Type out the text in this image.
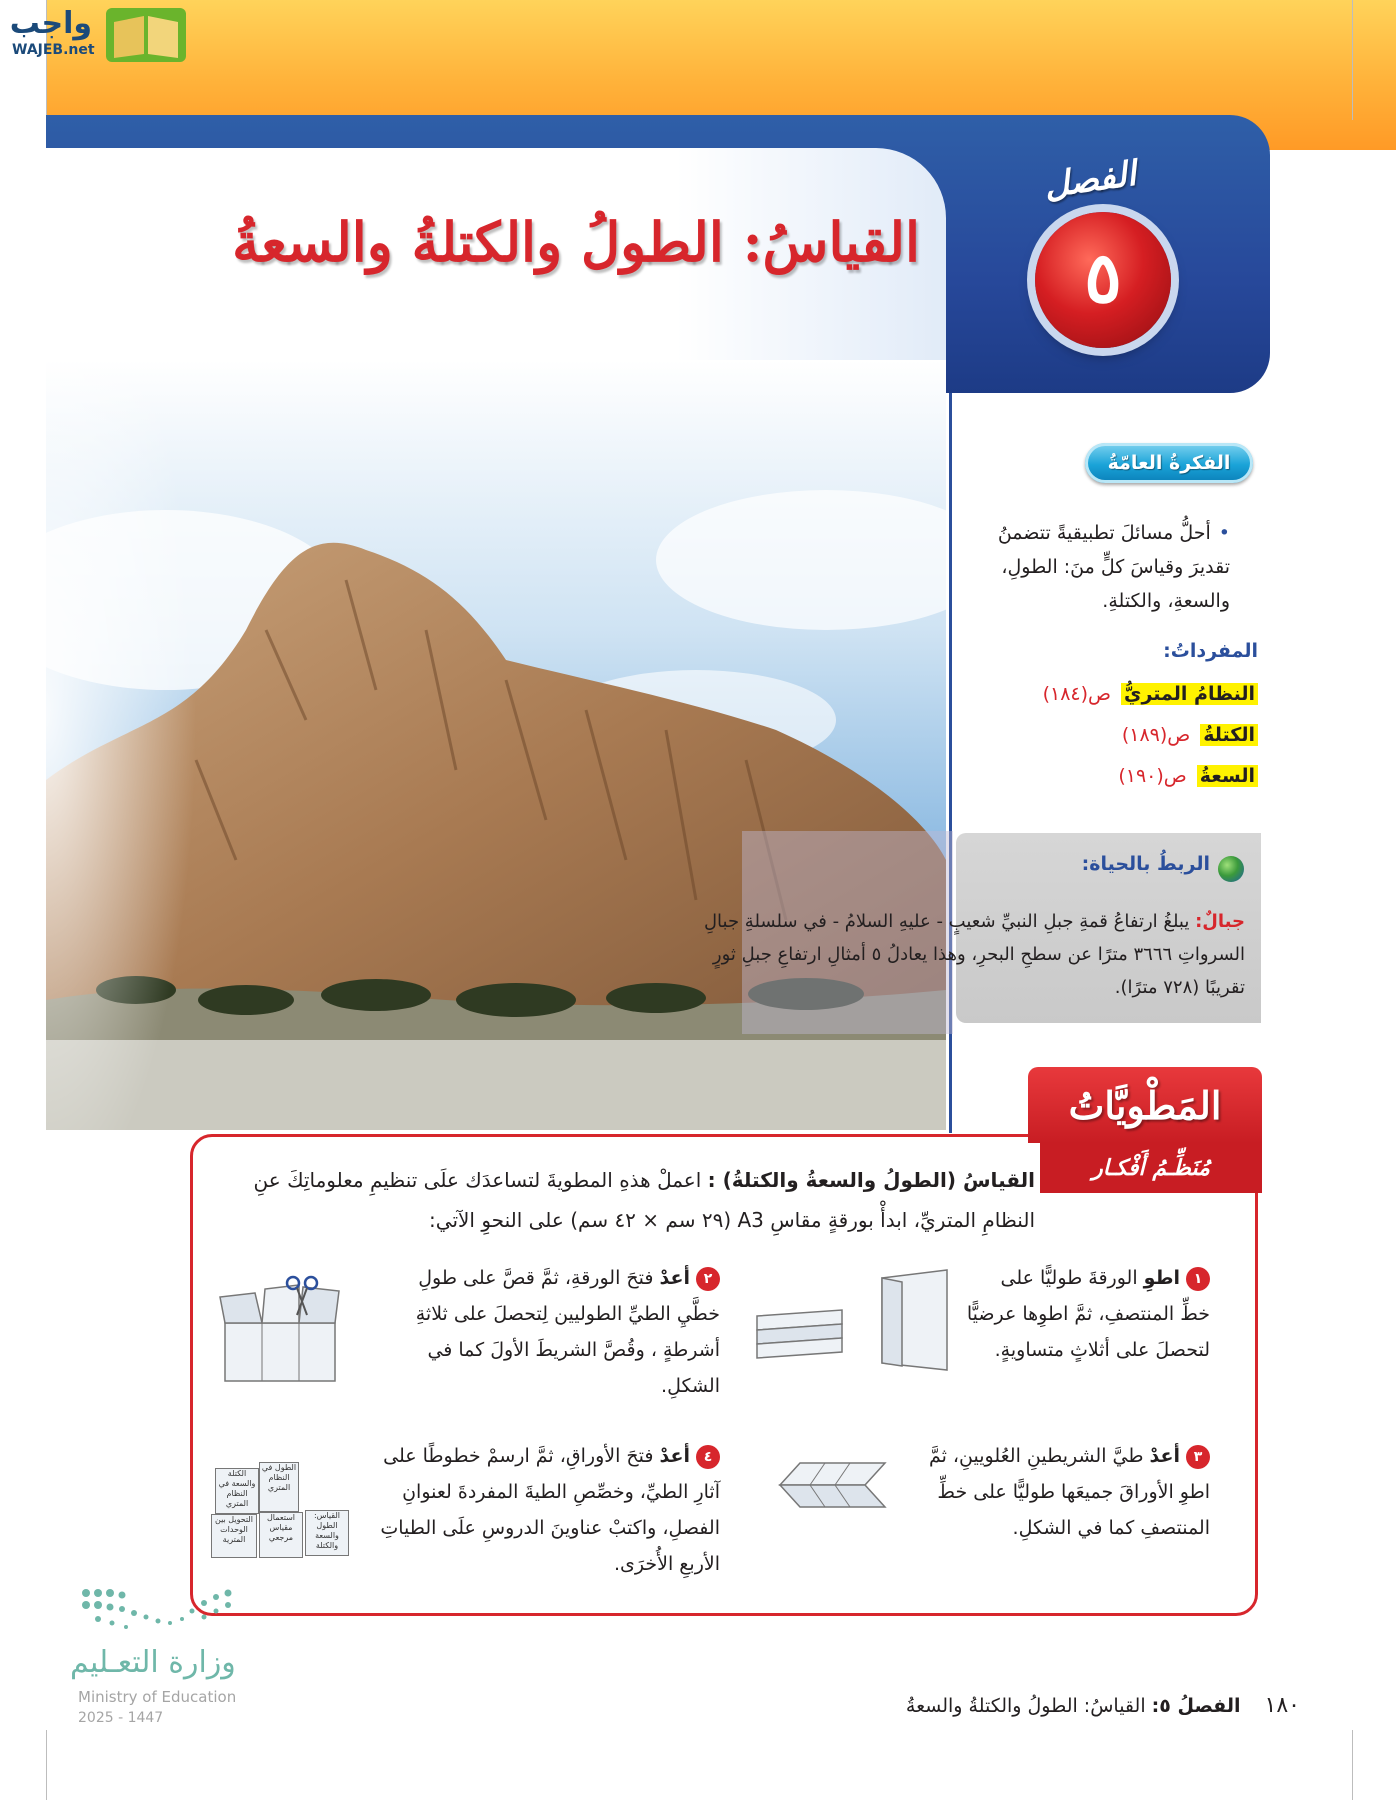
واجب
WAJEB.net
القياسُ: الطولُ والكتلةُ والسعةُ
الفصل
٥
الفكرةُ العامّةُ
•أحلُّ مسائلَ تطبيقيةً تتضمنُ تقديرَ وقياسَ كلٍّ منَ: الطولِ، والسعةِ، والكتلةِ.
المفرداتُ:
النظامُ المتريُّ
ص(١٨٤)
الكتلةُ
ص(١٨٩)
السعةُ
ص(١٩٠)
الربطُ بالحياة:
جبالٌ: يبلغُ ارتفاعُ قمةِ جبلِ النبيِّ شعيبٍ - عليهِ السلامُ - في سلسلةِ جبالِ السرواتِ ٣٦٦٦ مترًا عن سطحِ البحرِ، وهذا يعادلُ ٥ أمثالِ ارتفاعِ جبلِ ثورٍ تقريبًا (٧٢٨ مترًا).
المَطْويَّاتُ
مُنَظِّـمُ أَفْكـار
القياسُ (الطولُ والسعةُ والكتلةُ) : اعملْ هذهِ المطويةَ لتساعدَك علَى تنظيمِ معلوماتِكَ عنِ النظامِ المتريِّ، ابدأْ بورقةٍ مقاسِ A3 (٢٩ سم × ٤٢ سم) على النحوِ الآتي:
١اطوِ الورقةَ طوليًّا على خطِّ المنتصفِ، ثمَّ اطوِها عرضيًّا لتحصلَ على أثلاثٍ متساويةٍ.
٢أعدْ فتحَ الورقةِ، ثمَّ قصَّ على طولِ خطَّيِ الطيِّ الطوليين لِتحصلَ على ثلاثةِ أشرطةٍ ، وقُصَّ الشريطَ الأولَ كما في الشكلِ.
٣أعدْ طيَّ الشريطينِ العُلويينِ، ثمَّ اطوِ الأوراقَ جميعَها طوليًّا على خطِّ المنتصفِ كما في الشكلِ.
٤أعدْ فتحَ الأوراقِ، ثمَّ ارسمْ خطوطًا على آثارِ الطيِّ، وخصِّصِ الطيةَ المفردةَ لعنوانِ الفصلِ، واكتبْ عناوينَ الدروسِ علَى الطياتِ الأربعِ الأُخرَى.
الطول في النظام المتري
الكتلة والسعة في النظام المتري
القياس: الطول والسعة والكتلة
استعمال مقياس مرجعي
التحويل بين الوحدات المترية
وزارة التعـليم
Ministry of Education
2025 - 1447	١٨٠ الفصلُ ٥: القياسُ: الطولُ والكتلةُ والسعةُ
